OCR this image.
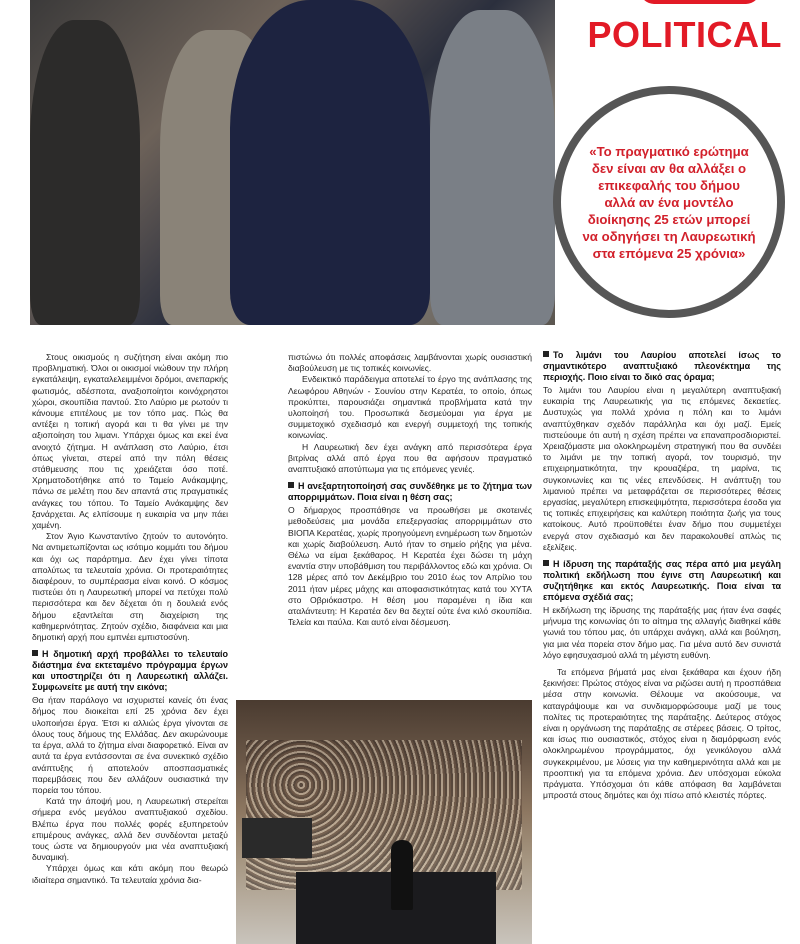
POLITICAL

«Το πραγματικό ερώτημα δεν είναι αν θα αλλάξει ο επικεφαλής του δήμου αλλά αν ένα μοντέλο διοίκησης 25 ετών μπορεί να οδηγήσει τη Λαυρεωτική στα επόμενα 25 χρόνια»

Στους οικισμούς η συζήτηση είναι ακόμη πιο προβληματική. Όλοι οι οικισμοί νιώθουν την πλήρη εγκατάλειψη, εγκαταλελειμμένοι δρόμοι, ανεπαρκής φωτισμός, αδέσποτα, αναξιοποίητοι κοινόχρηστοι χώροι, σκουπίδια παντού. Στο Λαύριο με ρωτούν τι κάνουμε επιτέλους με τον τόπο μας. Πώς θα αντέξει η τοπική αγορά και τι θα γίνει με την αξιοποίηση του λιμανι. Υπάρχει όμως και εκεί ένα ανοιχτό ζήτημα. Η ανάπλαση στο Λαύριο, έτσι όπως γίνεται, στερεί από την πόλη θέσεις στάθμευσης που τις χρειάζεται όσο ποτέ. Χρηματοδοτήθηκε από το Ταμείο Ανάκαμψης, πάνω σε μελέτη που δεν απαντά στις πραγματικές ανάγκες του τόπου. Το Ταμείο Ανάκαμψης δεν ξανάρχεται. Ας ελπίσουμε η ευκαιρία να μην πάει χαμένη.

Στον Άγιο Κωνσταντίνο ζητούν το αυτονόητο. Να αντιμετωπίζονται ως ισότιμο κομμάτι του δήμου και όχι ως παράρτημα. Δεν έχει γίνει τίποτα απολύτως τα τελευταία χρόνια. Οι προτεραιότητες διαφέρουν, το συμπέρασμα είναι κοινό. Ο κόσμος πιστεύει ότι η Λαυρεωτική μπορεί να πετύχει πολύ περισσότερα και δεν δέχεται ότι η δουλειά ενός δήμου εξαντλείται στη διαχείριση της καθημερινότητας. Ζητούν σχέδιο, διαφάνεια και μια δημοτική αρχή που εμπνέει εμπιστοσύνη.

Η δημοτική αρχή προβάλλει το τελευταίο διάστημα ένα εκτεταμένο πρόγραμμα έργων και υποστηρίζει ότι η Λαυρεωτική αλλάζει. Συμφωνείτε με αυτή την εικόνα;

Θα ήταν παράλογο να ισχυριστεί κανείς ότι ένας δήμος που διοικείται επί 25 χρόνια δεν έχει υλοποιήσει έργα. Έτσι κι αλλιώς έργα γίνονται σε όλους τους δήμους της Ελλάδας. Δεν ακυρώνουμε τα έργα, αλλά το ζήτημα είναι διαφορετικό. Είναι αν αυτά τα έργα εντάσσονται σε ένα συνεκτικό σχέδιο ανάπτυξης ή αποτελούν αποσπασματικές παρεμβάσεις που δεν αλλάζουν ουσιαστικά την πορεία του τόπου.

Κατά την άποψή μου, η Λαυρεωτική στερείται σήμερα ενός μεγάλου αναπτυξιακού σχεδίου. Βλέπω έργα που πολλές φορές εξυπηρετούν επιμέρους ανάγκες, αλλά δεν συνδέονται μεταξύ τους ώστε να δημιουργούν μια νέα αναπτυξιακή δυναμική.

Υπάρχει όμως και κάτι ακόμη που θεωρώ ιδιαίτερα σημαντικό. Τα τελευταία χρόνια δια-

πιστώνω ότι πολλές αποφάσεις λαμβάνονται χωρίς ουσιαστική διαβούλευση με τις τοπικές κοινωνίες.

Ενδεικτικό παράδειγμα αποτελεί το έργο της ανάπλασης της Λεωφόρου Αθηνών - Σουνίου στην Κερατέα, το οποίο, όπως προκύπτει, παρουσιάζει σημαντικά προβλήματα κατά την υλοποίησή του. Προσωπικά δεσμεύομαι για έργα με συμμετοχικό σχεδιασμό και ενεργή συμμετοχή της τοπικής κοινωνίας.

Η Λαυρεωτική δεν έχει ανάγκη από περισσότερα έργα βιτρίνας αλλά από έργα που θα αφήσουν πραγματικό αναπτυξιακό αποτύπωμα για τις επόμενες γενιές.

Η ανεξαρτητοποίησή σας συνδέθηκε με το ζήτημα των απορριμμάτων. Ποια είναι η θέση σας;

Ο δήμαρχος προσπάθησε να προωθήσει με σκοτεινές μεθοδεύσεις μια μονάδα επεξεργασίας απορριμμάτων στο ΒΙΟΠΑ Κερατέας, χωρίς προηγούμενη ενημέρωση των δημοτών και χωρίς διαβούλευση. Αυτό ήταν το σημείο ρήξης για μένα. Θέλω να είμαι ξεκάθαρος. Η Κερατέα έχει δώσει τη μάχη εναντία στην υποβάθμιση του περιβάλλοντος εδώ και χρόνια. Οι 128 μέρες από τον Δεκέμβριο του 2010 έως τον Απρίλιο του 2011 ήταν μέρες μάχης και αποφασιστικότητας κατά του ΧΥΤΑ στο Οβριόκαστρο. Η θέση μου παραμένει η ίδια και αταλάντευτη: Η Κερατέα δεν θα δεχτεί ούτε ένα κιλό σκουπίδια. Τελεία και παύλα. Και αυτό είναι δέσμευση.

Το λιμάνι του Λαυρίου αποτελεί ίσως το σημαντικότερο αναπτυξιακό πλεονέκτημα της περιοχής. Ποιο είναι το δικό σας όραμα;

Το λιμάνι του Λαυρίου είναι η μεγαλύτερη αναπτυξιακή ευκαιρία της Λαυρεωτικής για τις επόμενες δεκαετίες. Δυστυχώς για πολλά χρόνια η πόλη και το λιμάνι αναπτύχθηκαν σχεδόν παράλληλα και όχι μαζί. Εμείς πιστεύουμε ότι αυτή η σχέση πρέπει να επαναπροσδιοριστεί. Χρειαζόμαστε μια ολοκληρωμένη στρατηγική που θα συνδέει το λιμάνι με την τοπική αγορά, τον τουρισμό, την επιχειρηματικότητα, την κρουαζιέρα, τη μαρίνα, τις συγκοινωνίες και τις νέες επενδύσεις. Η ανάπτυξη του λιμανιού πρέπει να μεταφράζεται σε περισσότερες θέσεις εργασίας, μεγαλύτερη επισκεψιμότητα, περισσότερα έσοδα για τις τοπικές επιχειρήσεις και καλύτερη ποιότητα ζωής για τους κατοίκους. Αυτό προϋποθέτει έναν δήμο που συμμετέχει ενεργά στον σχεδιασμό και δεν παρακολουθεί απλώς τις εξελίξεις.

Η ίδρυση της παράταξής σας πέρα από μια μεγάλη πολιτική εκδήλωση που έγινε στη Λαυρεωτική και συζητήθηκε και εκτός Λαυρεωτικής. Ποια είναι τα επόμενα σχέδιά σας;

Η εκδήλωση της ίδρυσης της παράταξής μας ήταν ένα σαφές μήνυμα της κοινωνίας ότι το αίτημα της αλλαγής διαθηκεί κάθε γωνιά του τόπου μας, ότι υπάρχει ανάγκη, αλλά και βούληση, για μια νέα πορεία στον δήμο μας. Για μένα αυτό δεν συνιστά λόγο εφησυχασμού αλλά τη μέγιστη ευθύνη.

Τα επόμενα βήματά μας είναι ξεκάθαρα και έχουν ήδη ξεκινήσει: Πρώτος στόχος είναι να ριζώσει αυτή η προσπάθεια μέσα στην κοινωνία. Θέλουμε να ακούσουμε, να καταγράψουμε και να συνδιαμορφώσουμε μαζί με τους πολίτες τις προτεραιότητες της παράταξης. Δεύτερος στόχος είναι η οργάνωση της παράταξης σε στέρεες βάσεις. Ο τρίτος, και ίσως πιο ουσιαστικός, στόχος είναι η διαμόρφωση ενός ολοκληρωμένου προγράμματος, όχι γενικόλογου αλλά συγκεκριμένου, με λύσεις για την καθημερινότητα αλλά και με προοπτική για τα επόμενα χρόνια. Δεν υπόσχομαι εύκολα πράγματα. Υπόσχομαι ότι κάθε απόφαση θα λαμβάνεται μπροστά στους δημότες και όχι πίσω από κλειστές πόρτες.
